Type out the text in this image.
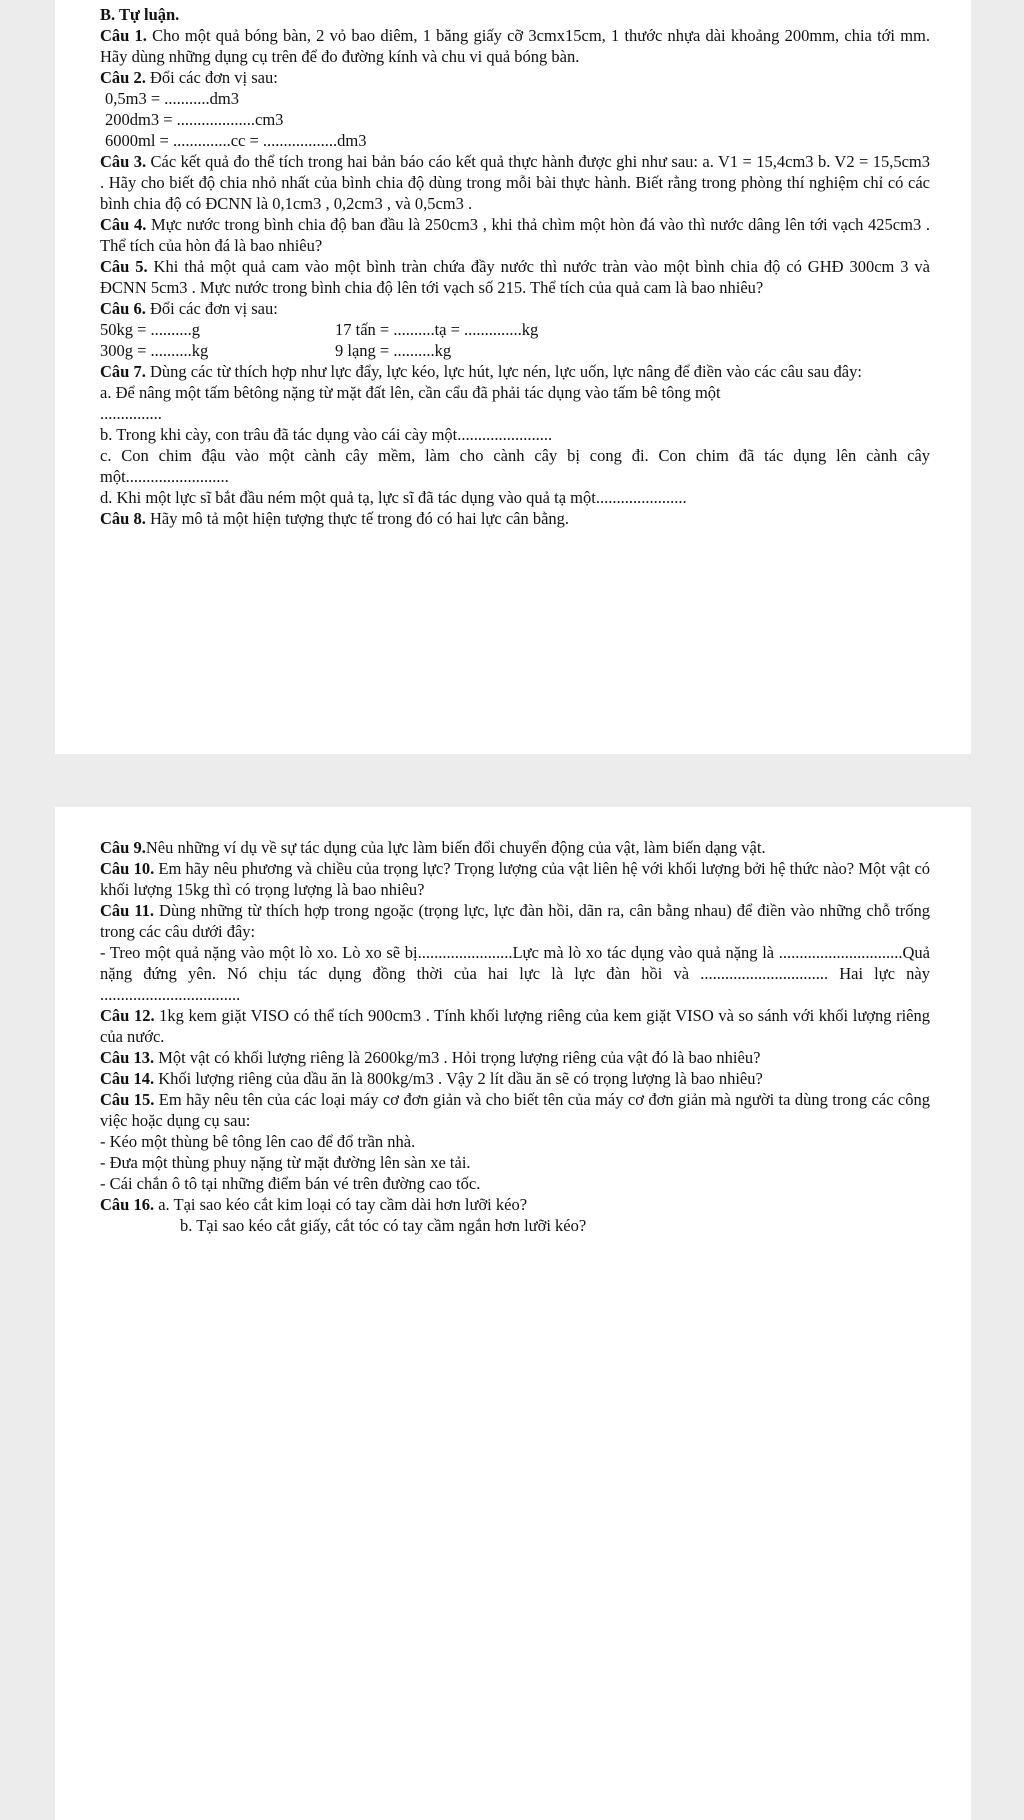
B. Tự luận.

Câu 1. Cho một quả bóng bàn, 2 vỏ bao diêm, 1 băng giấy cỡ 3cmx15cm, 1 thước nhựa dài khoảng 200mm, chia tới mm. Hãy dùng những dụng cụ trên để đo đường kính và chu vi quả bóng bàn.

Câu 2. Đổi các đơn vị sau:

0,5m3 = ...........dm3

200dm3 = ...................cm3

6000ml = ..............cc = ..................dm3

Câu 3. Các kết quả đo thể tích trong hai bản báo cáo kết quả thực hành được ghi như sau: a. V1 = 15,4cm3 b. V2 = 15,5cm3 . Hãy cho biết độ chia nhỏ nhất của bình chia độ dùng trong mỗi bài thực hành. Biết rằng trong phòng thí nghiệm chỉ có các bình chia độ có ĐCNN là 0,1cm3 , 0,2cm3 , và 0,5cm3 .

Câu 4. Mực nước trong bình chia độ ban đầu là 250cm3 , khi thả chìm một hòn đá vào thì nước dâng lên tới vạch 425cm3 . Thể tích của hòn đá là bao nhiêu?

Câu 5. Khi thả một quả cam vào một bình tràn chứa đầy nước thì nước tràn vào một bình chia độ có GHĐ 300cm 3 và ĐCNN 5cm3 . Mực nước trong bình chia độ lên tới vạch số 215. Thể tích của quả cam là bao nhiêu?

Câu 6. Đổi các đơn vị sau:

50kg = ..........g	17 tấn = ..........tạ = ..............kg
300g = ..........kg	9 lạng = ..........kg

Câu 7. Dùng các từ thích hợp như lực đẩy, lực kéo, lực hút, lực nén, lực uốn, lực nâng để điền vào các câu sau đây:

a. Để nâng một tấm bêtông nặng từ mặt đất lên, cần cẩu đã phải tác dụng vào tấm bê tông một

...............

b. Trong khi cày, con trâu đã tác dụng vào cái cày một.......................

c. Con chim đậu vào một cành cây mềm, làm cho cành cây bị cong đi. Con chim đã tác dụng lên cành cây một.........................

d. Khi một lực sĩ bắt đầu ném một quả tạ, lực sĩ đã tác dụng vào quả tạ một......................

Câu 8. Hãy mô tả một hiện tượng thực tế trong đó có hai lực cân bằng.

Câu 9.Nêu những ví dụ về sự tác dụng của lực làm biến đổi chuyển động của vật, làm biến dạng vật.

Câu 10. Em hãy nêu phương và chiều của trọng lực? Trọng lượng của vật liên hệ với khối lượng bởi hệ thức nào? Một vật có khối lượng 15kg thì có trọng lượng là bao nhiêu?

Câu 11. Dùng những từ thích hợp trong ngoặc (trọng lực, lực đàn hồi, dãn ra, cân bằng nhau) để điền vào những chỗ trống trong các câu dưới đây:

- Treo một quả nặng vào một lò xo. Lò xo sẽ bị.......................Lực mà lò xo tác dụng vào quả nặng là ..............................Quả nặng đứng yên. Nó chịu tác dụng đồng thời của hai lực là lực đàn hồi và ............................... Hai lực này ..................................

Câu 12. 1kg kem giặt VISO có thể tích 900cm3 . Tính khối lượng riêng của kem giặt VISO và so sánh với khối lượng riêng của nước.

Câu 13. Một vật có khối lượng riêng là 2600kg/m3 . Hỏi trọng lượng riêng của vật đó là bao nhiêu?

Câu 14. Khối lượng riêng của dầu ăn là 800kg/m3 . Vậy 2 lít dầu ăn sẽ có trọng lượng là bao nhiêu?

Câu 15. Em hãy nêu tên của các loại máy cơ đơn giản và cho biết tên của máy cơ đơn giản mà người ta dùng trong các công việc hoặc dụng cụ sau:

- Kéo một thùng bê tông lên cao để đổ trần nhà.

- Đưa một thùng phuy nặng từ mặt đường lên sàn xe tải.

- Cái chắn ô tô tại những điểm bán vé trên đường cao tốc.

Câu 16. a. Tại sao kéo cắt kim loại có tay cầm dài hơn lưỡi kéo?

b. Tại sao kéo cắt giấy, cắt tóc có tay cầm ngắn hơn lưỡi kéo?
